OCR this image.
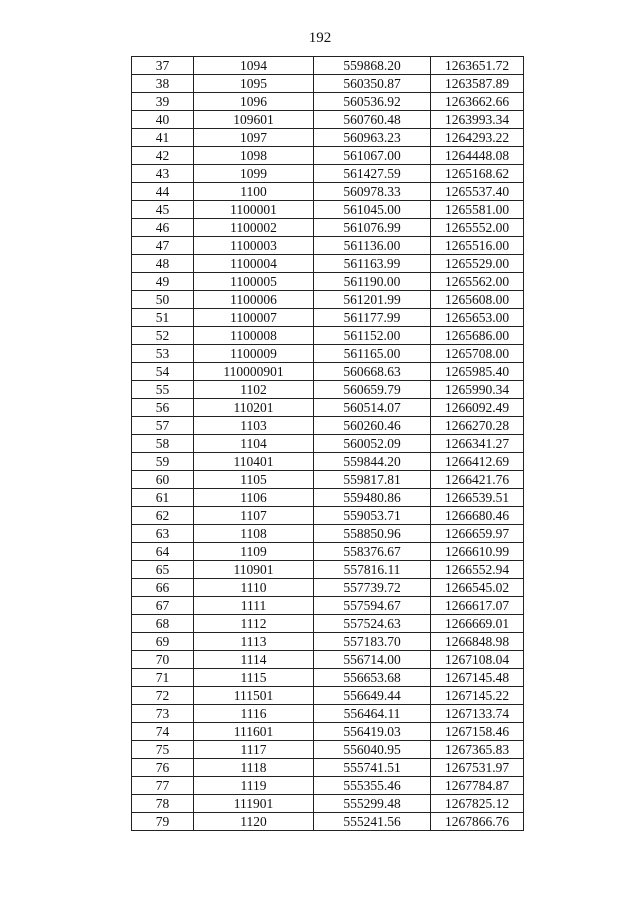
192
37	1094	559868.20	1263651.72
38	1095	560350.87	1263587.89
39	1096	560536.92	1263662.66
40	109601	560760.48	1263993.34
41	1097	560963.23	1264293.22
42	1098	561067.00	1264448.08
43	1099	561427.59	1265168.62
44	1100	560978.33	1265537.40
45	1100001	561045.00	1265581.00
46	1100002	561076.99	1265552.00
47	1100003	561136.00	1265516.00
48	1100004	561163.99	1265529.00
49	1100005	561190.00	1265562.00
50	1100006	561201.99	1265608.00
51	1100007	561177.99	1265653.00
52	1100008	561152.00	1265686.00
53	1100009	561165.00	1265708.00
54	110000901	560668.63	1265985.40
55	1102	560659.79	1265990.34
56	110201	560514.07	1266092.49
57	1103	560260.46	1266270.28
58	1104	560052.09	1266341.27
59	110401	559844.20	1266412.69
60	1105	559817.81	1266421.76
61	1106	559480.86	1266539.51
62	1107	559053.71	1266680.46
63	1108	558850.96	1266659.97
64	1109	558376.67	1266610.99
65	110901	557816.11	1266552.94
66	1110	557739.72	1266545.02
67	1111	557594.67	1266617.07
68	1112	557524.63	1266669.01
69	1113	557183.70	1266848.98
70	1114	556714.00	1267108.04
71	1115	556653.68	1267145.48
72	111501	556649.44	1267145.22
73	1116	556464.11	1267133.74
74	111601	556419.03	1267158.46
75	1117	556040.95	1267365.83
76	1118	555741.51	1267531.97
77	1119	555355.46	1267784.87
78	111901	555299.48	1267825.12
79	1120	555241.56	1267866.76
